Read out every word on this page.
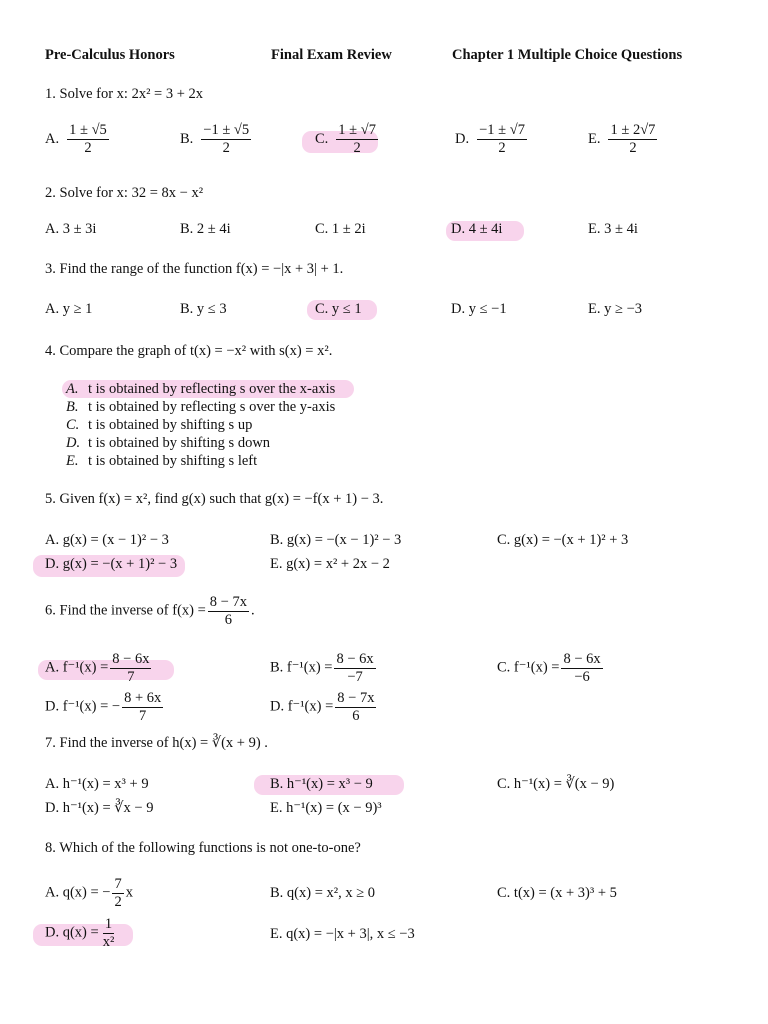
Pre-Calculus Honors	Final Exam Review	Chapter 1 Multiple Choice Questions
1. Solve for x: 2x² = 3 + 2x
A. $\frac{1 \pm √5}{2}$	B. $\frac{-1 \pm √5}{2}$	C. $\frac{1 \pm √7}{2}$	D. $\frac{-1 \pm √7}{2}$	E. $\frac{1 \pm 2√7}{2}$
2. Solve for x: 32 = 8x − x²
A. 3 ± 3i	B. 2 ± 4i	C. 1 ± 2i	D. 4 ± 4i	E. 3 ± 4i
3. Find the range of the function f(x) = −|x + 3| + 1.
A. y ≥ 1	B. y ≤ 3	C. y ≤ 1	D. y ≤ −1	E. y ≥ −3
4. Compare the graph of t(x) = −x² with s(x) = x².
A. t is obtained by reflecting s over the x-axis
B. t is obtained by reflecting s over the y-axis
C. t is obtained by shifting s up
D. t is obtained by shifting s down
E. t is obtained by shifting s left
5. Given f(x) = x², find g(x) such that g(x) = −f(x + 1) − 3.
A. g(x) = (x − 1)² − 3	B. g(x) = −(x − 1)² − 3	C. g(x) = −(x + 1)² + 3
D. g(x) = −(x + 1)² − 3	E. g(x) = x² + 2x − 2
6. Find the inverse of $f(x) = \frac{8 - 7x}{6}$ .
A. $f^{-1}(x) = \frac{8 - 6x}{7}$	B. $f^{-1}(x) = \frac{8 - 6x}{-7}$	C. $f^{-1}(x) = \frac{8 - 6x}{-6}$
D. f⁻¹(x) = − $\frac{8 + 6x}{7}$	D. $f^{-1}(x) = \frac{8 - 7x}{6}$
7. Find the inverse of h(x) = ∛(x + 9) .
A. h⁻¹(x) = x³ + 9	B. h⁻¹(x) = x³ − 9	C. h⁻¹(x) = ∛(x − 9)
D. h⁻¹(x) = ∛x − 9	E. h⁻¹(x) = (x − 9)³
8. Which of the following functions is not one-to-one?
A. q(x) = − $\frac{7}{2}$ x	B. q(x) = x², x ≥ 0	C. t(x) = (x + 3)³ + 5
D. $q(x) = \frac{1}{\text{x²}}$	E. q(x) = −|x + 3|, x ≤ −3
